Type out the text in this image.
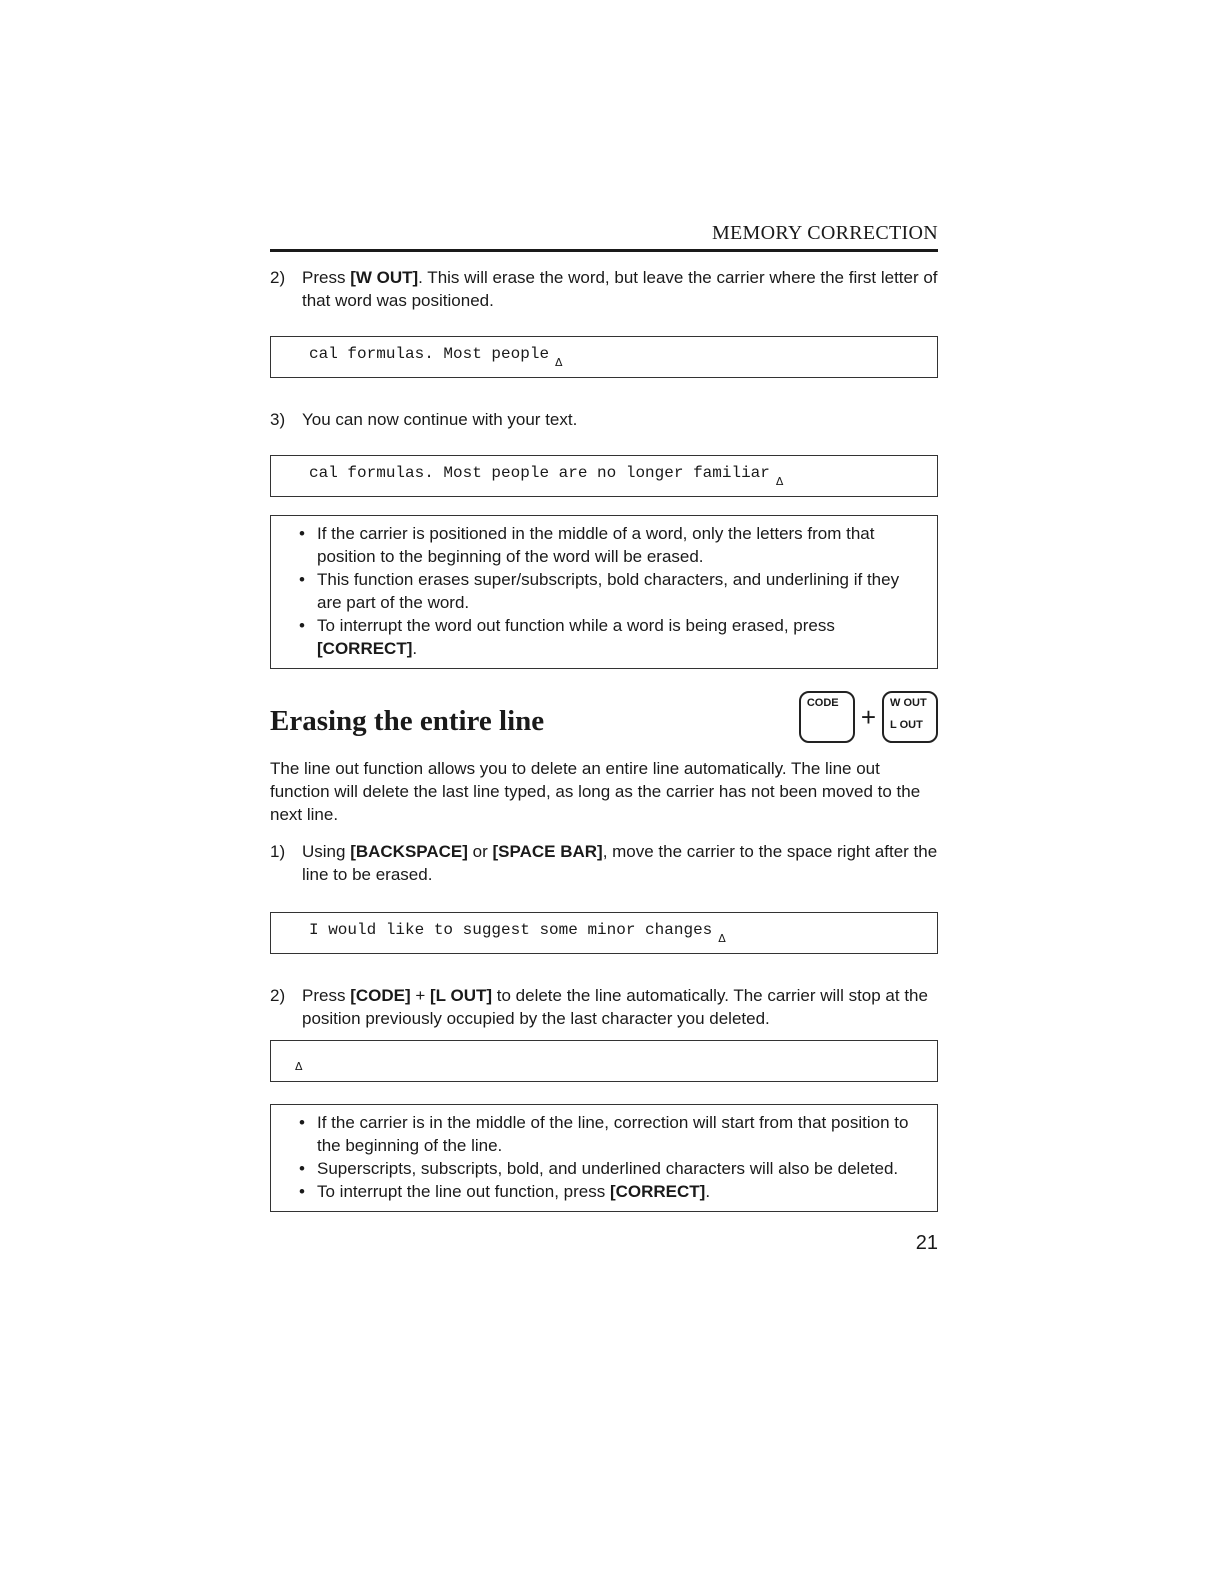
MEMORY CORRECTION
2) Press [W OUT]. This will erase the word, but leave the carrier where the first letter of that word was positioned.
cal formulas. Most people $_\Delta$
3) You can now continue with your text.
cal formulas. Most people are no longer familiar $_\Delta$
• If the carrier is positioned in the middle of a word, only the letters from that position to the beginning of the word will be erased.
• This function erases super/subscripts, bold characters, and underlining if they are part of the word.
• To interrupt the word out function while a word is being erased, press [CORRECT].
Erasing the entire line
CODE + W OUT
L OUT
The line out function allows you to delete an entire line automatically. The line out function will delete the last line typed, as long as the carrier has not been moved to the next line.
1) Using [BACKSPACE] or [SPACE BAR], move the carrier to the space right after the line to be erased.
I would like to suggest some minor changes $_\Delta$
2) Press [CODE] + [L OUT] to delete the line automatically. The carrier will stop at the position previously occupied by the last character you deleted.
$_\Delta$
• If the carrier is in the middle of the line, correction will start from that position to the beginning of the line.
• Superscripts, subscripts, bold, and underlined characters will also be deleted.
• To interrupt the line out function, press [CORRECT].
21
